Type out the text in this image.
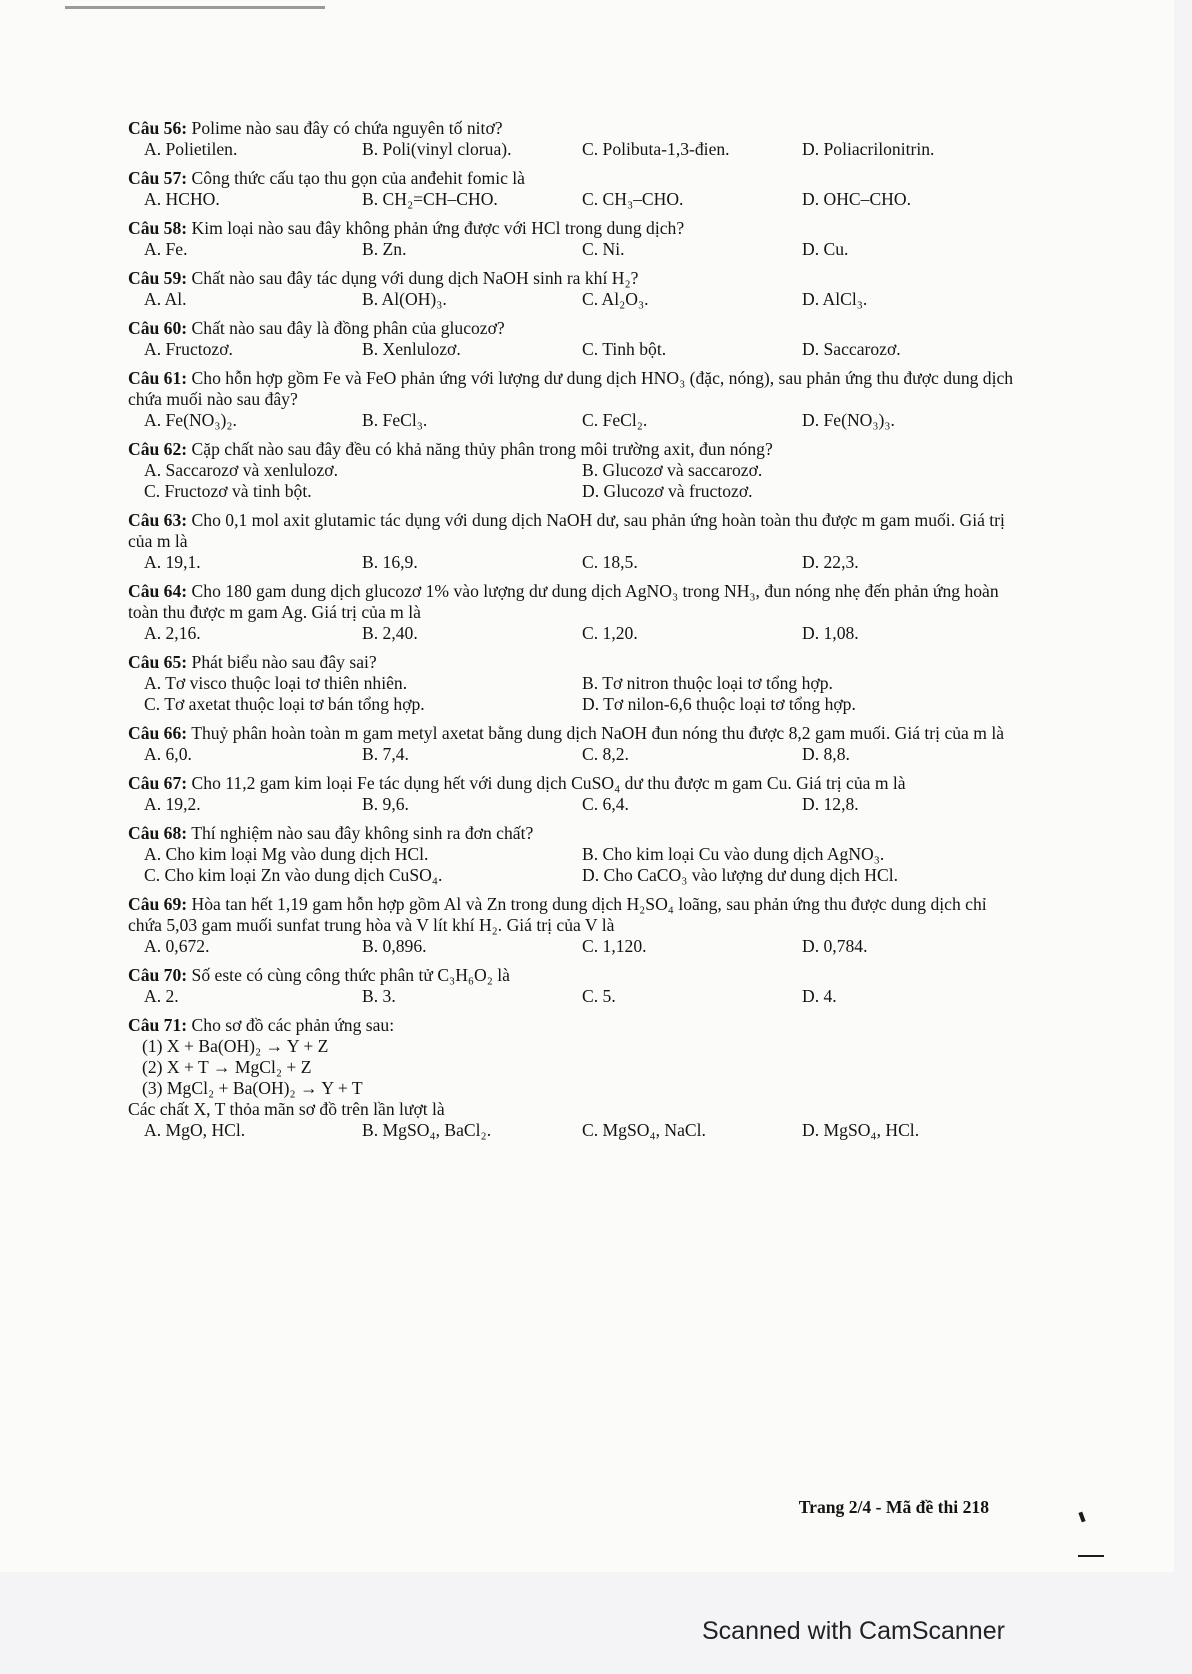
Câu 56: Polime nào sau đây có chứa nguyên tố nitơ?
A. Polietilen.	B. Poli(vinyl clorua).	C. Polibuta-1,3-đien.	D. Poliacrilonitrin.
Câu 57: Công thức cấu tạo thu gọn của anđehit fomic là
A. HCHO.	B. CH₂=CH–CHO.	C. CH₃–CHO.	D. OHC–CHO.
Câu 58: Kim loại nào sau đây không phản ứng được với HCl trong dung dịch?
A. Fe.	B. Zn.	C. Ni.	D. Cu.
Câu 59: Chất nào sau đây tác dụng với dung dịch NaOH sinh ra khí H₂?
A. Al.	B. Al(OH)₃.	C. Al₂O₃.	D. AlCl₃.
Câu 60: Chất nào sau đây là đồng phân của glucozơ?
A. Fructozơ.	B. Xenlulozơ.	C. Tinh bột.	D. Saccarozơ.
Câu 61: Cho hỗn hợp gồm Fe và FeO phản ứng với lượng dư dung dịch HNO₃ (đặc, nóng), sau phản ứng thu được dung dịch chứa muối nào sau đây?
A. Fe(NO₃)₂.	B. FeCl₃.	C. FeCl₂.	D. Fe(NO₃)₃.
Câu 62: Cặp chất nào sau đây đều có khả năng thủy phân trong môi trường axit, đun nóng?
A. Saccarozơ và xenlulozơ.	B. Glucozơ và saccarozơ.
C. Fructozơ và tinh bột.	D. Glucozơ và fructozơ.
Câu 63: Cho 0,1 mol axit glutamic tác dụng với dung dịch NaOH dư, sau phản ứng hoàn toàn thu được m gam muối. Giá trị của m là
A. 19,1.	B. 16,9.	C. 18,5.	D. 22,3.
Câu 64: Cho 180 gam dung dịch glucozơ 1% vào lượng dư dung dịch AgNO₃ trong NH₃, đun nóng nhẹ đến phản ứng hoàn toàn thu được m gam Ag. Giá trị của m là
A. 2,16.	B. 2,40.	C. 1,20.	D. 1,08.
Câu 65: Phát biểu nào sau đây sai?
A. Tơ visco thuộc loại tơ thiên nhiên.	B. Tơ nitron thuộc loại tơ tổng hợp.
C. Tơ axetat thuộc loại tơ bán tổng hợp.	D. Tơ nilon-6,6 thuộc loại tơ tổng hợp.
Câu 66: Thuỷ phân hoàn toàn m gam metyl axetat bằng dung dịch NaOH đun nóng thu được 8,2 gam muối. Giá trị của m là
A. 6,0.	B. 7,4.	C. 8,2.	D. 8,8.
Câu 67: Cho 11,2 gam kim loại Fe tác dụng hết với dung dịch CuSO₄ dư thu được m gam Cu. Giá trị của m là
A. 19,2.	B. 9,6.	C. 6,4.	D. 12,8.
Câu 68: Thí nghiệm nào sau đây không sinh ra đơn chất?
A. Cho kim loại Mg vào dung dịch HCl.	B. Cho kim loại Cu vào dung dịch AgNO₃.
C. Cho kim loại Zn vào dung dịch CuSO₄.	D. Cho CaCO₃ vào lượng dư dung dịch HCl.
Câu 69: Hòa tan hết 1,19 gam hỗn hợp gồm Al và Zn trong dung dịch H₂SO₄ loãng, sau phản ứng thu được dung dịch chỉ chứa 5,03 gam muối sunfat trung hòa và V lít khí H₂. Giá trị của V là
A. 0,672.	B. 0,896.	C. 1,120.	D. 0,784.
Câu 70: Số este có cùng công thức phân tử C₃H₆O₂ là
A. 2.	B. 3.	C. 5.	D. 4.
Câu 71: Cho sơ đồ các phản ứng sau:
(1) X + Ba(OH)₂ → Y + Z
(2) X + T → MgCl₂ + Z
(3) MgCl₂ + Ba(OH)₂ → Y + T
Các chất X, T thỏa mãn sơ đồ trên lần lượt là
A. MgO, HCl.	B. MgSO₄, BaCl₂.	C. MgSO₄, NaCl.	D. MgSO₄, HCl.
Trang 2/4 - Mã đề thi 218
Scanned with CamScanner
